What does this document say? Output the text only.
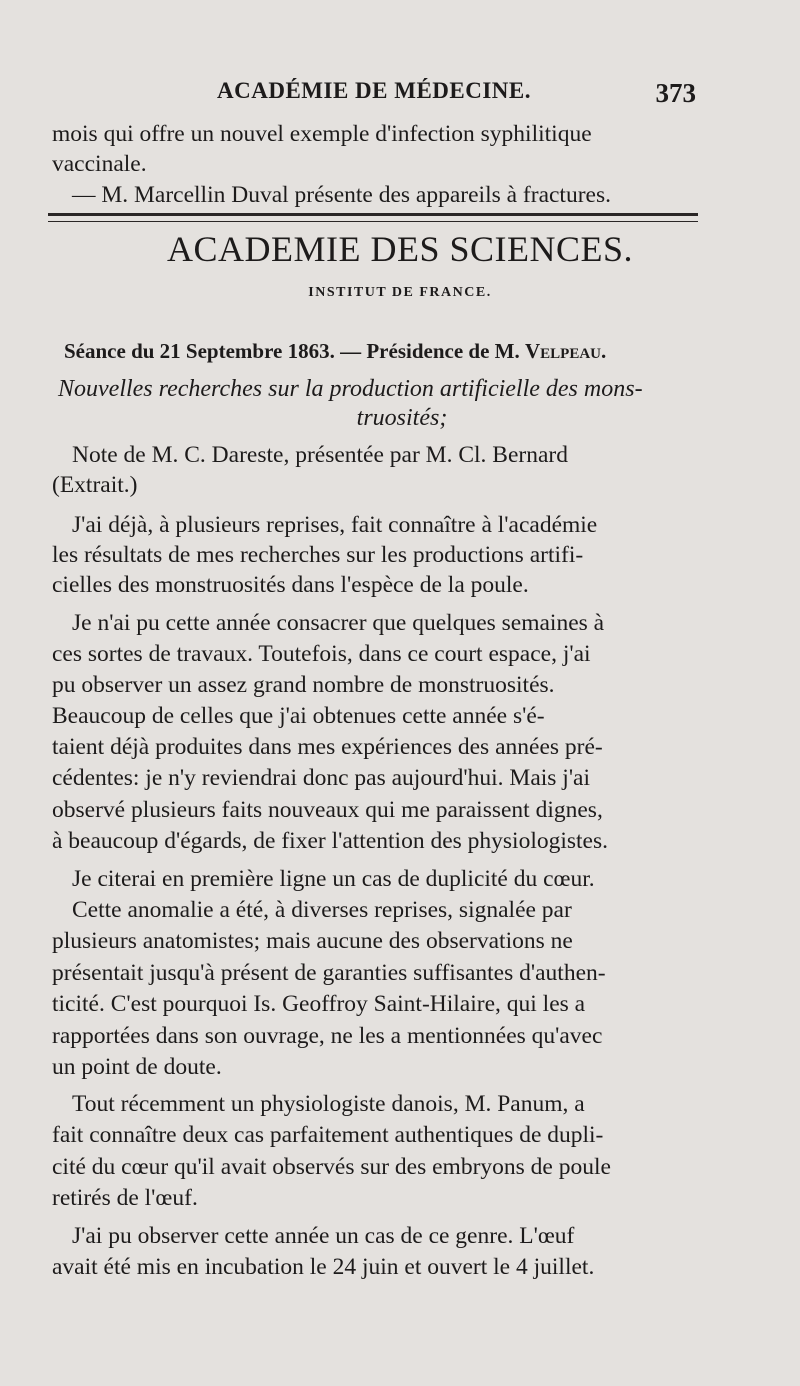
ACADÉMIE DE MÉDECINE.	373
mois qui offre un nouvel exemple d'infection syphilitique
vaccinale.
— M. Marcellin Duval présente des appareils à fractures.
ACADEMIE DES SCIENCES.
INSTITUT DE FRANCE.
Séance du 21 Septembre 1863. — Présidence de M. Velpeau.
Nouvelles recherches sur la production artificielle des mons-
truosités;
Note de M. C. Dareste, présentée par M. Cl. Bernard
(Extrait.)
J'ai déjà, à plusieurs reprises, fait connaître à l'académie
les résultats de mes recherches sur les productions artifi-
cielles des monstruosités dans l'espèce de la poule.
Je n'ai pu cette année consacrer que quelques semaines à
ces sortes de travaux. Toutefois, dans ce court espace, j'ai
pu observer un assez grand nombre de monstruosités.
Beaucoup de celles que j'ai obtenues cette année s'é-
taient déjà produites dans mes expériences des années pré-
cédentes: je n'y reviendrai donc pas aujourd'hui. Mais j'ai
observé plusieurs faits nouveaux qui me paraissent dignes,
à beaucoup d'égards, de fixer l'attention des physiologistes.
Je citerai en première ligne un cas de duplicité du cœur.
Cette anomalie a été, à diverses reprises, signalée par
plusieurs anatomistes; mais aucune des observations ne
présentait jusqu'à présent de garanties suffisantes d'authen-
ticité. C'est pourquoi Is. Geoffroy Saint-Hilaire, qui les a
rapportées dans son ouvrage, ne les a mentionnées qu'avec
un point de doute.
Tout récemment un physiologiste danois, M. Panum, a
fait connaître deux cas parfaitement authentiques de dupli-
cité du cœur qu'il avait observés sur des embryons de poule
retirés de l'œuf.
J'ai pu observer cette année un cas de ce genre. L'œuf
avait été mis en incubation le 24 juin et ouvert le 4 juillet.
